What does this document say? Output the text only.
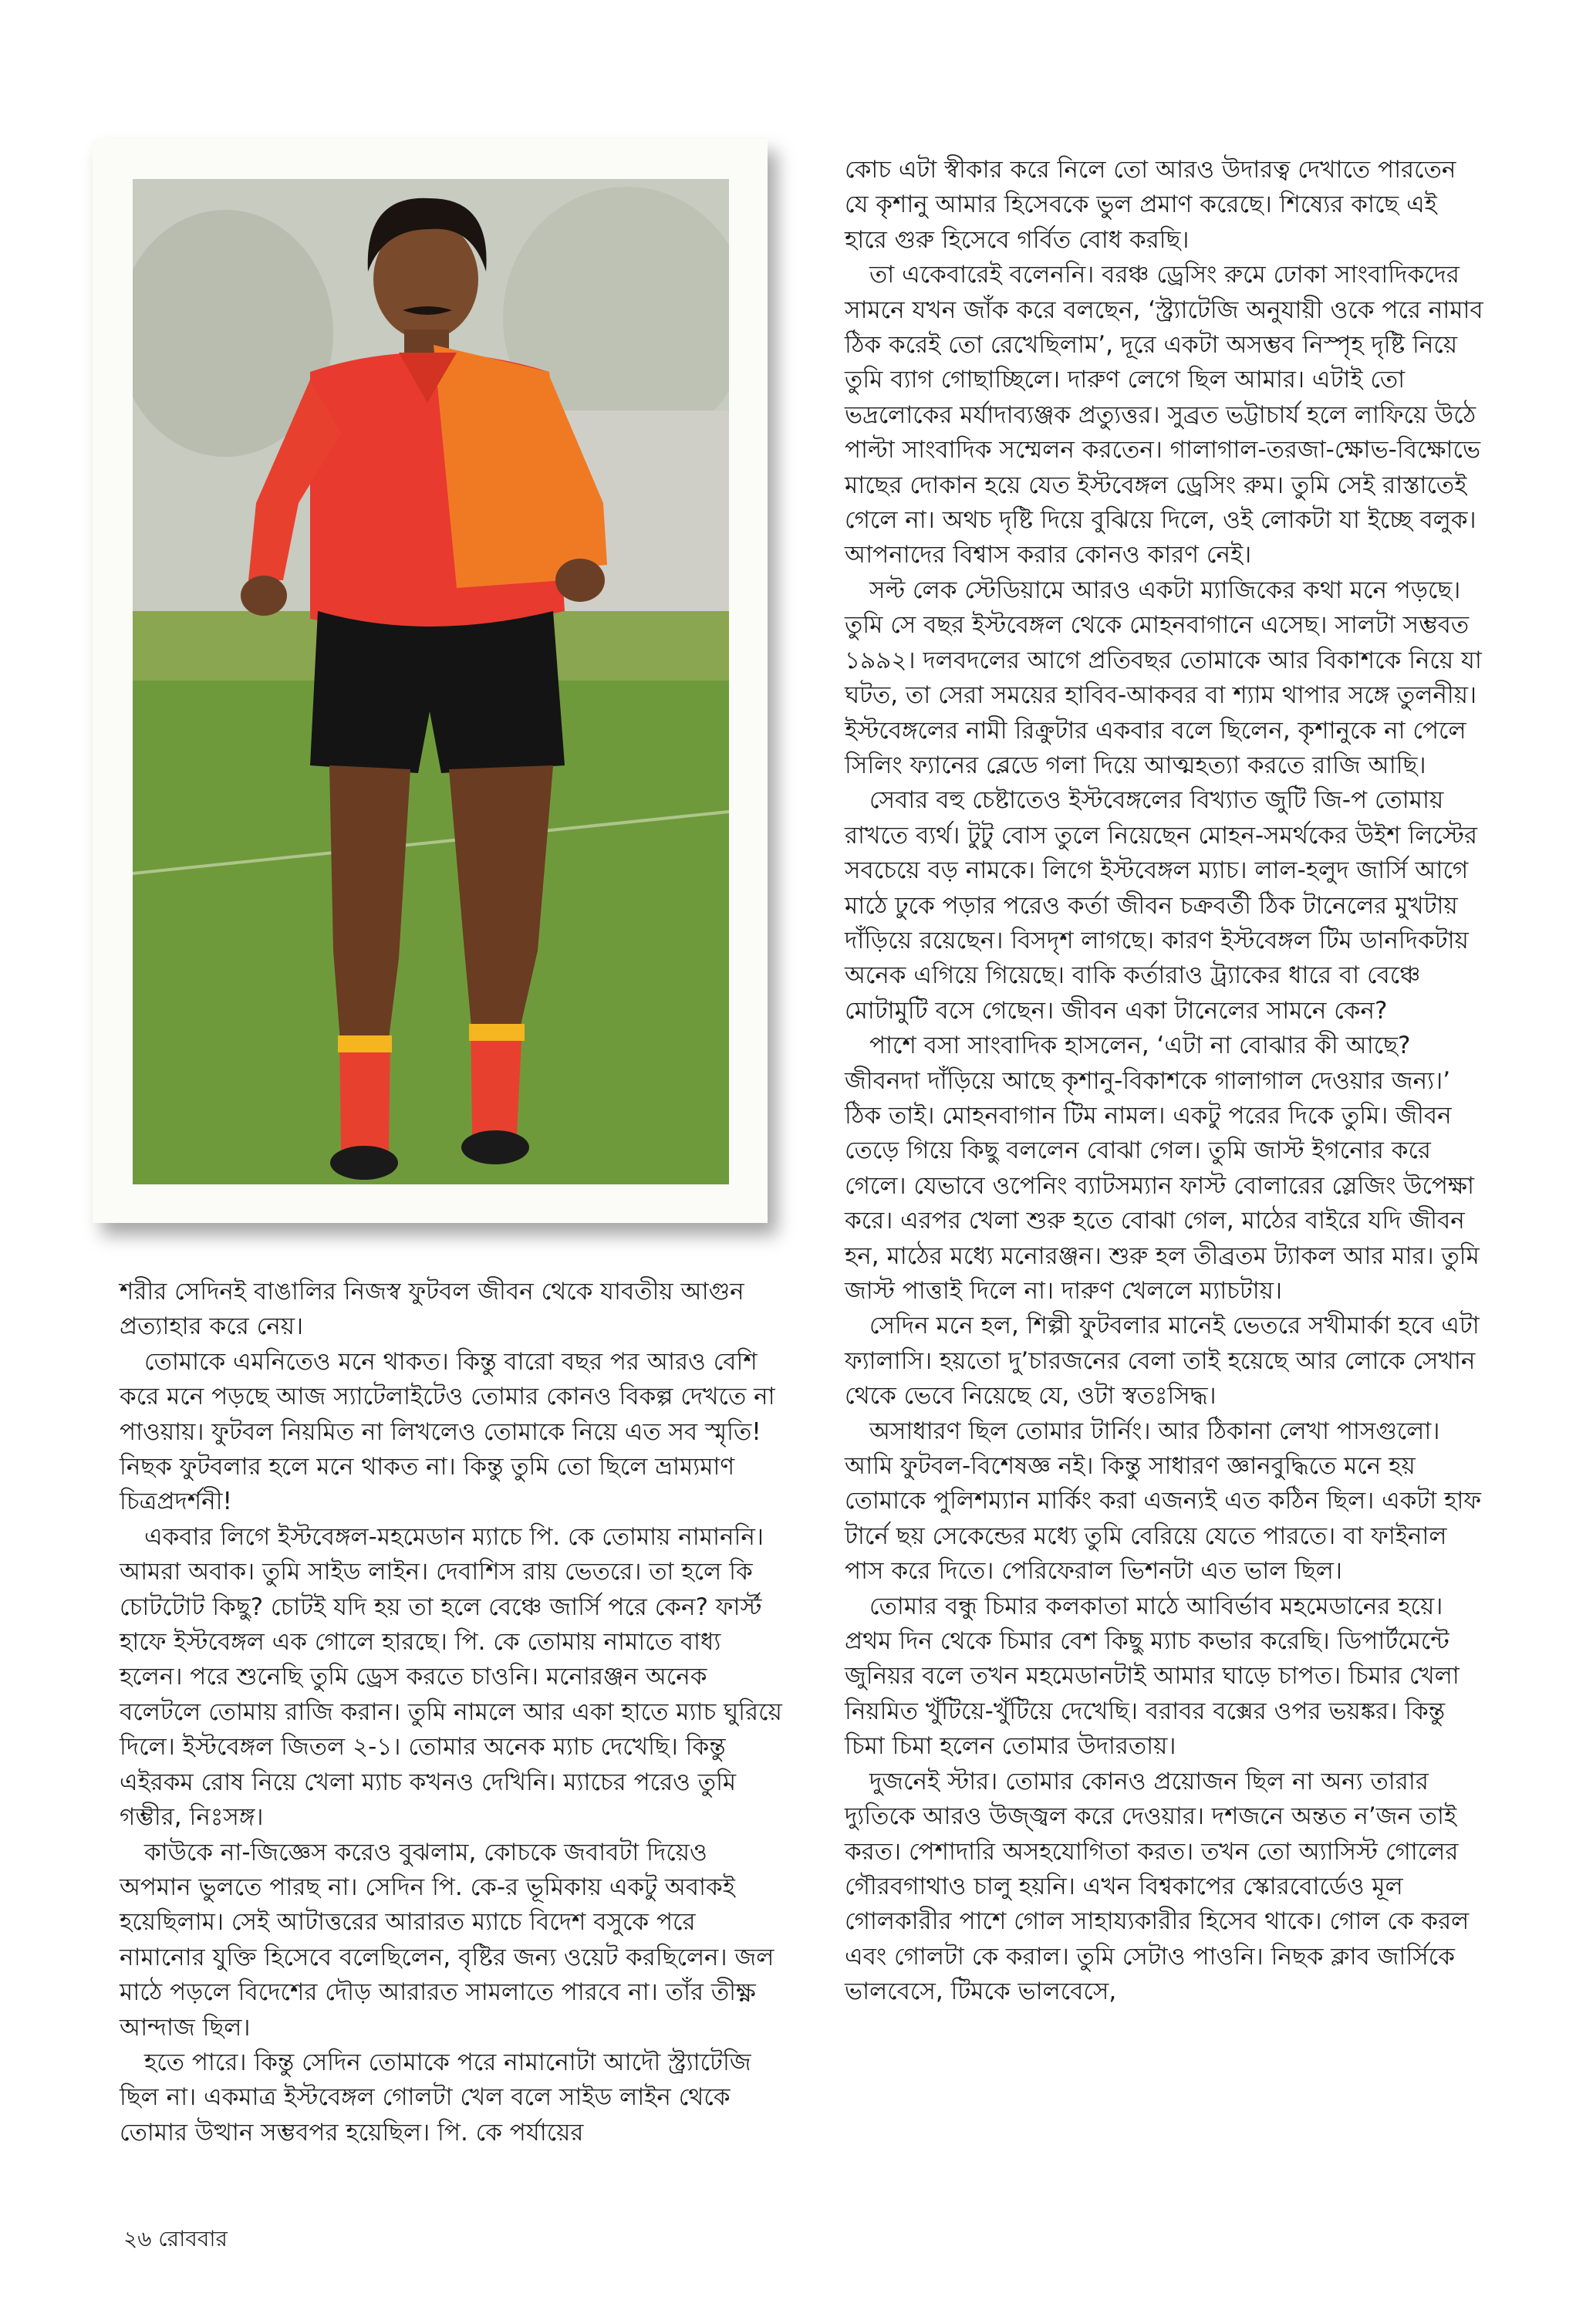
শরীর সেদিনই বাঙালির নিজস্ব ফুটবল জীবন থেকে যাবতীয় আগুন প্রত্যাহার করে নেয়।

তোমাকে এমনিতেও মনে থাকত। কিন্তু বারো বছর পর আরও বেশি করে মনে পড়ছে আজ স্যাটেলাইটেও তোমার কোনও বিকল্প দেখতে না পাওয়ায়। ফুটবল নিয়মিত না লিখলেও তোমাকে নিয়ে এত সব স্মৃতি! নিছক ফুটবলার হলে মনে থাকত না। কিন্তু তুমি তো ছিলে ভ্রাম্যমাণ চিত্রপ্রদর্শনী!

একবার লিগে ইস্টবেঙ্গল-মহমেডান ম্যাচে পি. কে তোমায় নামাননি। আমরা অবাক। তুমি সাইড লাইন। দেবাশিস রায় ভেতরে। তা হলে কি চোটটোট কিছু? চোটই যদি হয় তা হলে বেঞ্চে জার্সি পরে কেন? ফার্স্ট হাফে ইস্টবেঙ্গল এক গোলে হারছে। পি. কে তোমায় নামাতে বাধ্য হলেন। পরে শুনেছি তুমি ড্রেস করতে চাওনি। মনোরঞ্জন অনেক বলেটলে তোমায় রাজি করান। তুমি নামলে আর একা হাতে ম্যাচ ঘুরিয়ে দিলে। ইস্টবেঙ্গল জিতল ২-১। তোমার অনেক ম্যাচ দেখেছি। কিন্তু এইরকম রোষ নিয়ে খেলা ম্যাচ কখনও দেখিনি। ম্যাচের পরেও তুমি গম্ভীর, নিঃসঙ্গ।

কাউকে না-জিজ্ঞেস করেও বুঝলাম, কোচকে জবাবটা দিয়েও অপমান ভুলতে পারছ না। সেদিন পি. কে-র ভূমিকায় একটু অবাকই হয়েছিলাম। সেই আটাত্তরের আরারত ম্যাচে বিদেশ বসুকে পরে নামানোর যুক্তি হিসেবে বলেছিলেন, বৃষ্টির জন্য ওয়েট করছিলেন। জল মাঠে পড়লে বিদেশের দৌড় আরারত সামলাতে পারবে না। তাঁর তীক্ষ্ণ আন্দাজ ছিল।

হতে পারে। কিন্তু সেদিন তোমাকে পরে নামানোটা আদৌ স্ট্র্যাটেজি ছিল না। একমাত্র ইস্টবেঙ্গল গোলটা খেল বলে সাইড লাইন থেকে তোমার উত্থান সম্ভবপর হয়েছিল। পি. কে পর্যায়ের

কোচ এটা স্বীকার করে নিলে তো আরও উদারত্ব দেখাতে পারতেন যে কৃশানু আমার হিসেবকে ভুল প্রমাণ করেছে। শিষ্যের কাছে এই হারে গুরু হিসেবে গর্বিত বোধ করছি।

তা একেবারেই বলেননি। বরঞ্চ ড্রেসিং রুমে ঢোকা সাংবাদিকদের সামনে যখন জাঁক করে বলছেন, ‘স্ট্র্যাটেজি অনুযায়ী ওকে পরে নামাব ঠিক করেই তো রেখেছিলাম’, দূরে একটা অসম্ভব নিস্পৃহ দৃষ্টি নিয়ে তুমি ব্যাগ গোছাচ্ছিলে। দারুণ লেগে ছিল আমার। এটাই তো ভদ্রলোকের মর্যাদাব্যঞ্জক প্রত্যুত্তর। সুব্রত ভট্টাচার্য হলে লাফিয়ে উঠে পাল্টা সাংবাদিক সম্মেলন করতেন। গালাগাল-তরজা-ক্ষোভ-বিক্ষোভে মাছের দোকান হয়ে যেত ইস্টবেঙ্গল ড্রেসিং রুম। তুমি সেই রাস্তাতেই গেলে না। অথচ দৃষ্টি দিয়ে বুঝিয়ে দিলে, ওই লোকটা যা ইচ্ছে বলুক। আপনাদের বিশ্বাস করার কোনও কারণ নেই।

সল্ট লেক স্টেডিয়ামে আরও একটা ম্যাজিকের কথা মনে পড়ছে। তুমি সে বছর ইস্টবেঙ্গল থেকে মোহনবাগানে এসেছ। সালটা সম্ভবত ১৯৯২। দলবদলের আগে প্রতিবছর তোমাকে আর বিকাশকে নিয়ে যা ঘটত, তা সেরা সময়ের হাবিব-আকবর বা শ্যাম থাপার সঙ্গে তুলনীয়। ইস্টবেঙ্গলের নামী রিক্রুটার একবার বলে ছিলেন, কৃশানুকে না পেলে সিলিং ফ্যানের ব্লেডে গলা দিয়ে আত্মহত্যা করতে রাজি আছি।

সেবার বহু চেষ্টাতেও ইস্টবেঙ্গলের বিখ্যাত জুটি জি-প তোমায় রাখতে ব্যর্থ। টুটু বোস তুলে নিয়েছেন মোহন-সমর্থকের উইশ লিস্টের সবচেয়ে বড় নামকে। লিগে ইস্টবেঙ্গল ম্যাচ। লাল-হলুদ জার্সি আগে মাঠে ঢুকে পড়ার পরেও কর্তা জীবন চক্রবর্তী ঠিক টানেলের মুখটায় দাঁড়িয়ে রয়েছেন। বিসদৃশ লাগছে। কারণ ইস্টবেঙ্গল টিম ডানদিকটায় অনেক এগিয়ে গিয়েছে। বাকি কর্তারাও ট্র্যাকের ধারে বা বেঞ্চে মোটামুটি বসে গেছেন। জীবন একা টানেলের সামনে কেন?

পাশে বসা সাংবাদিক হাসলেন, ‘এটা না বোঝার কী আছে? জীবনদা দাঁড়িয়ে আছে কৃশানু-বিকাশকে গালাগাল দেওয়ার জন্য।’ ঠিক তাই। মোহনবাগান টিম নামল। একটু পরের দিকে তুমি। জীবন তেড়ে গিয়ে কিছু বললেন বোঝা গেল। তুমি জাস্ট ইগনোর করে গেলে। যেভাবে ওপেনিং ব্যাটসম্যান ফাস্ট বোলারের স্লেজিং উপেক্ষা করে। এরপর খেলা শুরু হতে বোঝা গেল, মাঠের বাইরে যদি জীবন হন, মাঠের মধ্যে মনোরঞ্জন। শুরু হল তীব্রতম ট্যাকল আর মার। তুমি জাস্ট পাত্তাই দিলে না। দারুণ খেললে ম্যাচটায়।

সেদিন মনে হল, শিল্পী ফুটবলার মানেই ভেতরে সখীমার্কা হবে এটা ফ্যালাসি। হয়তো দু’চারজনের বেলা তাই হয়েছে আর লোকে সেখান থেকে ভেবে নিয়েছে যে, ওটা স্বতঃসিদ্ধ।

অসাধারণ ছিল তোমার টার্নিং। আর ঠিকানা লেখা পাসগুলো। আমি ফুটবল-বিশেষজ্ঞ নই। কিন্তু সাধারণ জ্ঞানবুদ্ধিতে মনে হয় তোমাকে পুলিশম্যান মার্কিং করা এজন্যই এত কঠিন ছিল। একটা হাফ টার্নে ছয় সেকেন্ডের মধ্যে তুমি বেরিয়ে যেতে পারতে। বা ফাইনাল পাস করে দিতে। পেরিফেরাল ভিশনটা এত ভাল ছিল।

তোমার বন্ধু চিমার কলকাতা মাঠে আবির্ভাব মহমেডানের হয়ে। প্রথম দিন থেকে চিমার বেশ কিছু ম্যাচ কভার করেছি। ডিপার্টমেন্টে জুনিয়র বলে তখন মহমেডানটাই আমার ঘাড়ে চাপত। চিমার খেলা নিয়মিত খুঁটিয়ে-খুঁটিয়ে দেখেছি। বরাবর বক্সের ওপর ভয়ঙ্কর। কিন্তু চিমা চিমা হলেন তোমার উদারতায়।

দুজনেই স্টার। তোমার কোনও প্রয়োজন ছিল না অন্য তারার দ্যুতিকে আরও উজ্জ্বল করে দেওয়ার। দশজনে অন্তত ন’জন তাই করত। পেশাদারি অসহযোগিতা করত। তখন তো অ্যাসিস্ট গোলের গৌরবগাথাও চালু হয়নি। এখন বিশ্বকাপের স্কোরবোর্ডেও মূল গোলকারীর পাশে গোল সাহায্যকারীর হিসেব থাকে। গোল কে করল এবং গোলটা কে করাল। তুমি সেটাও পাওনি। নিছক ক্লাব জার্সিকে ভালবেসে, টিমকে ভালবেসে,

২৬ রোববার
